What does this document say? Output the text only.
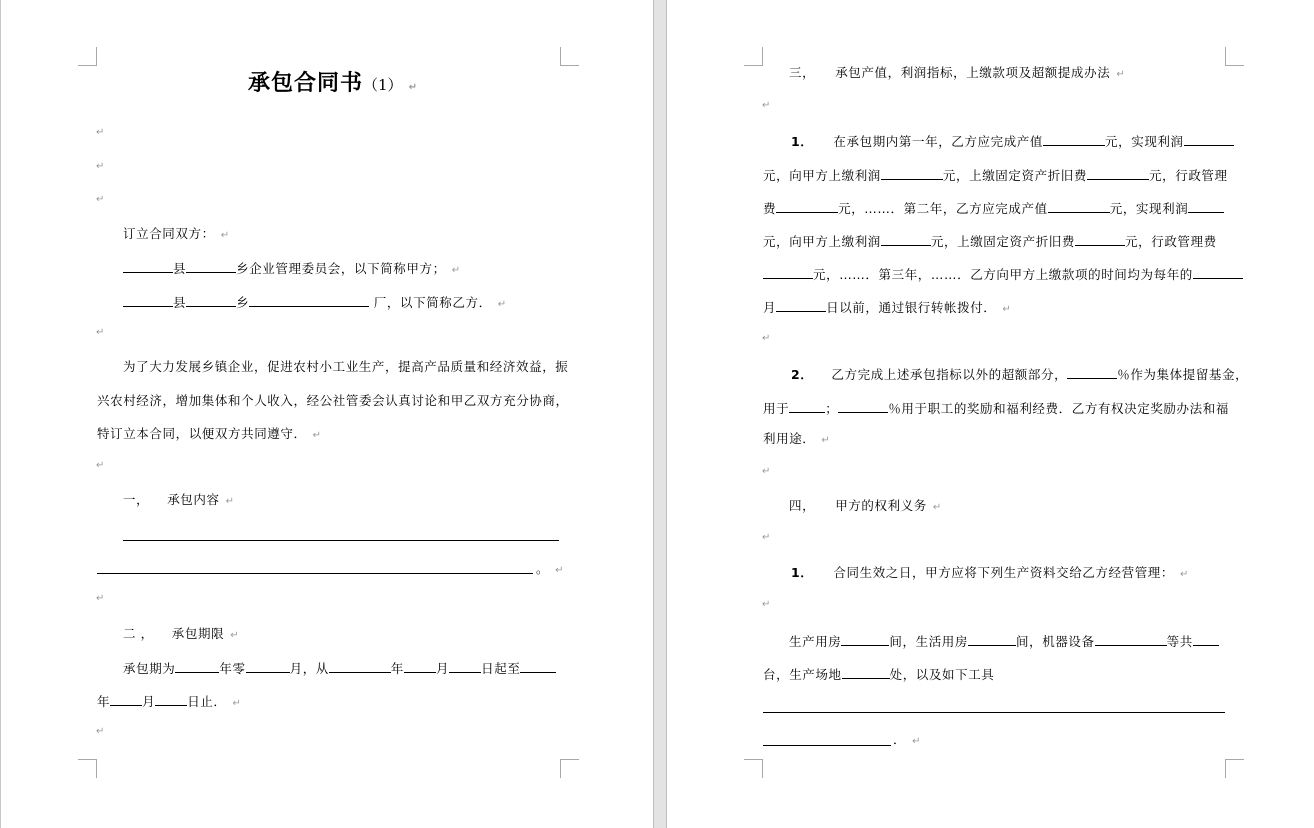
承包合同书（1） ↵
↵
↵
↵
订立合同双方： ↵
县	乡企业管理委员会，以下简称甲方； ↵
县	乡	厂，以下简称乙方． ↵
↵
为了大力发展乡镇企业，促进农村小工业生产，提高产品质量和经济效益，振
兴农村经济，增加集体和个人收入，经公社管委会认真讨论和甲乙双方充分协商，
特订立本合同，以便双方共同遵守． ↵
↵
一， 承包内容 ↵
。 ↵
↵
二 ， 承包期限 ↵
承包期为	年零	月，从	年	月	日起至
年	月	日止． ↵
↵
三， 承包产值，利润指标，上缴款项及超额提成办法 ↵
↵
1． 在承包期内第一年，乙方应完成产值	元，实现利润
元，向甲方上缴利润	元，上缴固定资产折旧费	元，行政管理
费	元，……．第二年，乙方应完成产值	元，实现利润
元，向甲方上缴利润	元，上缴固定资产折旧费	元，行政管理费
元，……．第三年，……．乙方向甲方上缴款项的时间均为每年的
月	日以前，通过银行转帐拨付． ↵
↵
2． 乙方完成上述承包指标以外的超额部分，	％作为集体提留基金，
用于	；	％用于职工的奖励和福利经费．乙方有权决定奖励办法和福
利用途． ↵
↵
四， 甲方的权利义务 ↵
↵
1． 合同生效之日，甲方应将下列生产资料交给乙方经营管理： ↵
↵
生产用房	间，生活用房	间，机器设备	等共
台，生产场地	处，以及如下工具
． ↵
